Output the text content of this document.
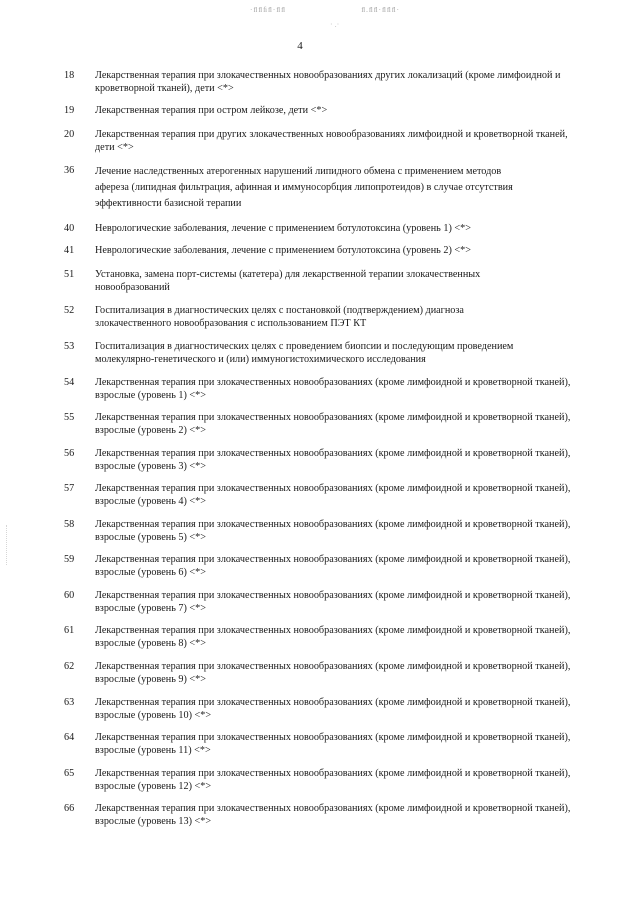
·ﬂﬂﬁﬂ·ﬂﬂ	ﬂ.ﬂﬂ·ﬂﬂﬂ·
· .·
4
18	Лекарственная терапия при злокачественных новообразованиях других локализаций (кроме лимфоидной и кроветворной тканей), дети <*>
19	Лекарственная терапия при остром лейкозе, дети <*>
20	Лекарственная терапия при других злокачественных новообразованиях лимфоидной и кроветворной тканей, дети <*>
36	Лечение наследственных атерогенных нарушений липидного обмена с применением методов афереза (липидная фильтрация, афинная и иммуносорбция липопротеидов) в случае отсутствия эффективности базисной терапии
40	Неврологические заболевания, лечение с применением ботулотоксина (уровень 1) <*>
41	Неврологические заболевания, лечение с применением ботулотоксина (уровень 2) <*>
51	Установка, замена порт-системы (катетера) для лекарственной терапии злокачественных новообразований
52	Госпитализация в диагностических целях с постановкой (подтверждением) диагноза злокачественного новообразования с использованием ПЭТ КТ
53	Госпитализация в диагностических целях с проведением биопсии и последующим проведением молекулярно-генетического и (или) иммуногистохимического исследования
54	Лекарственная терапия при злокачественных новообразованиях (кроме лимфоидной и кроветворной тканей), взрослые (уровень 1) <*>
55	Лекарственная терапия при злокачественных новообразованиях (кроме лимфоидной и кроветворной тканей), взрослые (уровень 2) <*>
56	Лекарственная терапия при злокачественных новообразованиях (кроме лимфоидной и кроветворной тканей), взрослые (уровень 3) <*>
57	Лекарственная терапия при злокачественных новообразованиях (кроме лимфоидной и кроветворной тканей), взрослые (уровень 4) <*>
58	Лекарственная терапия при злокачественных новообразованиях (кроме лимфоидной и кроветворной тканей), взрослые (уровень 5) <*>
59	Лекарственная терапия при злокачественных новообразованиях (кроме лимфоидной и кроветворной тканей), взрослые (уровень 6) <*>
60	Лекарственная терапия при злокачественных новообразованиях (кроме лимфоидной и кроветворной тканей), взрослые (уровень 7) <*>
61	Лекарственная терапия при злокачественных новообразованиях (кроме лимфоидной и кроветворной тканей), взрослые (уровень 8) <*>
62	Лекарственная терапия при злокачественных новообразованиях (кроме лимфоидной и кроветворной тканей), взрослые (уровень 9) <*>
63	Лекарственная терапия при злокачественных новообразованиях (кроме лимфоидной и кроветворной тканей), взрослые (уровень 10) <*>
64	Лекарственная терапия при злокачественных новообразованиях (кроме лимфоидной и кроветворной тканей), взрослые (уровень 11) <*>
65	Лекарственная терапия при злокачественных новообразованиях (кроме лимфоидной и кроветворной тканей), взрослые (уровень 12) <*>
66	Лекарственная терапия при злокачественных новообразованиях (кроме лимфоидной и кроветворной тканей), взрослые (уровень 13) <*>
